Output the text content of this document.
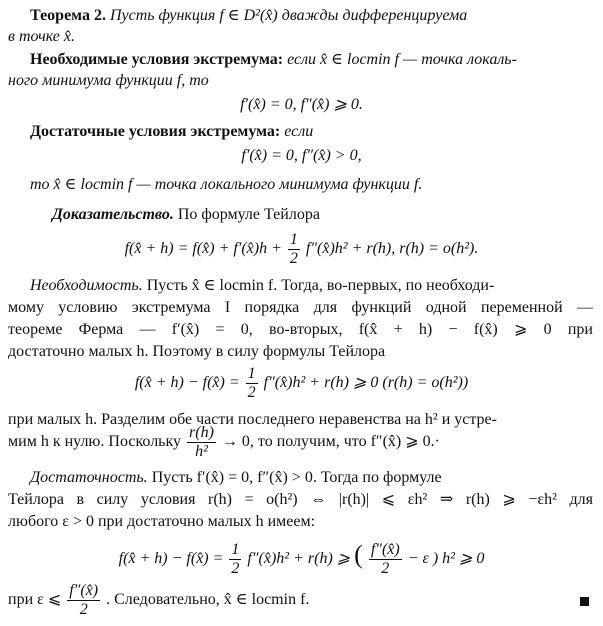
Теорема 2. Пусть функция f ∈ D²(x̂) дважды дифференцируема
в точке x̂.
Необходимые условия экстремума: если x̂ ∈ locmin f — точка локаль-
ного минимума функции f, то
f′(x̂) = 0, f″(x̂) ⩾ 0.
Достаточные условия экстремума: если
f′(x̂) = 0, f″(x̂) > 0,
то x̂ ∈ locmin f — точка локального минимума функции f.
Доказательство. По формуле Тейлора
f(x̂ + h) = f(x̂) + f′(x̂)h + $\frac{1}{2}$ f″(x̂)h² + r(h), r(h) = o(h²).
Необходимость. Пусть x̂ ∈ locmin f. Тогда, во-первых, по необходи-
мому условию экстремума I порядка для функций одной переменной —
теореме Ферма — f′(x̂) = 0, во-вторых, f(x̂ + h) − f(x̂) ⩾ 0 при
достаточно малых h. Поэтому в силу формулы Тейлора
f(x̂ + h) − f(x̂) = $\frac{1}{2}$ f″(x̂)h² + r(h) ⩾ 0 (r(h) = o(h²))
при малых h. Разделим обе части последнего неравенства на h² и устре-
мим h к нулю. Поскольку $\frac{r(h)}{\text{h²}} \to 0$, то получим, что f″(x̂) ⩾ 0.·
Достаточность. Пусть f′(x̂) = 0, f″(x̂) > 0. Тогда по формуле
Тейлора в силу условия r(h) = o(h²) ⇔ |r(h)| ⩽ εh² ⇒ r(h) ⩾ −εh² для
любого ε > 0 при достаточно малых h имеем:
f(x̂ + h) − f(x̂) = $\frac{1}{2}$ f″(x̂)h² + r(h) ⩾ ( $\frac{f''(x̂)}{2} - \varepsilon$ ) h² ⩾ 0
при ε ⩽ $\frac{f''(x̂)}{2}$ . Следовательно, x̂ ∈ locmin f.
